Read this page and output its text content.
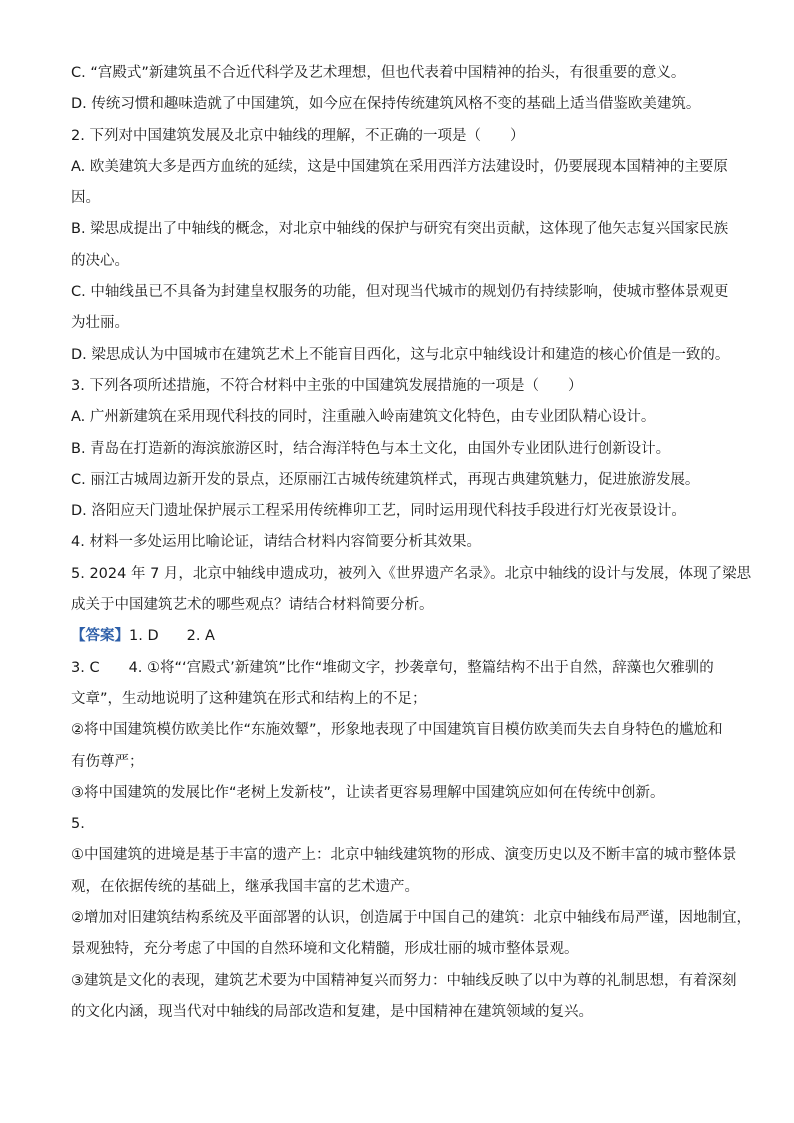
C. “宫殿式”新建筑虽不合近代科学及艺术理想，但也代表着中国精神的抬头，有很重要的意义。
D. 传统习惯和趣味造就了中国建筑，如今应在保持传统建筑风格不变的基础上适当借鉴欧美建筑。
2. 下列对中国建筑发展及北京中轴线的理解，不正确的一项是（　　）
A. 欧美建筑大多是西方血统的延续，这是中国建筑在采用西洋方法建设时，仍要展现本国精神的主要原
因。
B. 梁思成提出了中轴线的概念，对北京中轴线的保护与研究有突出贡献，这体现了他矢志复兴国家民族
的决心。
C. 中轴线虽已不具备为封建皇权服务的功能，但对现当代城市的规划仍有持续影响，使城市整体景观更
为壮丽。
D. 梁思成认为中国城市在建筑艺术上不能盲目西化，这与北京中轴线设计和建造的核心价值是一致的。
3. 下列各项所述措施，不符合材料中主张的中国建筑发展措施的一项是（　　）
A. 广州新建筑在采用现代科技的同时，注重融入岭南建筑文化特色，由专业团队精心设计。
B. 青岛在打造新的海滨旅游区时，结合海洋特色与本土文化，由国外专业团队进行创新设计。
C. 丽江古城周边新开发的景点，还原丽江古城传统建筑样式，再现古典建筑魅力，促进旅游发展。
D. 洛阳应天门遗址保护展示工程采用传统榫卯工艺，同时运用现代科技手段进行灯光夜景设计。
4. 材料一多处运用比喻论证，请结合材料内容简要分析其效果。
5. 2024 年 7 月，北京中轴线申遗成功，被列入《世界遗产名录》。北京中轴线的设计与发展，体现了梁思
成关于中国建筑艺术的哪些观点？请结合材料简要分析。
【答案】1. D 2. A
3. C　　4. ①将“‘宫殿式’新建筑”比作“堆砌文字，抄袭章句，整篇结构不出于自然，辞藻也欠雅驯的
文章”，生动地说明了这种建筑在形式和结构上的不足；
②将中国建筑模仿欧美比作“东施效颦”，形象地表现了中国建筑盲目模仿欧美而失去自身特色的尴尬和
有伤尊严；
③将中国建筑的发展比作“老树上发新枝”，让读者更容易理解中国建筑应如何在传统中创新。
5.
①中国建筑的进境是基于丰富的遗产上：北京中轴线建筑物的形成、演变历史以及不断丰富的城市整体景
观，在依据传统的基础上，继承我国丰富的艺术遗产。
②增加对旧建筑结构系统及平面部署的认识，创造属于中国自己的建筑：北京中轴线布局严谨，因地制宜，
景观独特，充分考虑了中国的自然环境和文化精髓，形成壮丽的城市整体景观。
③建筑是文化的表现，建筑艺术要为中国精神复兴而努力：中轴线反映了以中为尊的礼制思想，有着深刻
的文化内涵，现当代对中轴线的局部改造和复建，是中国精神在建筑领域的复兴。
